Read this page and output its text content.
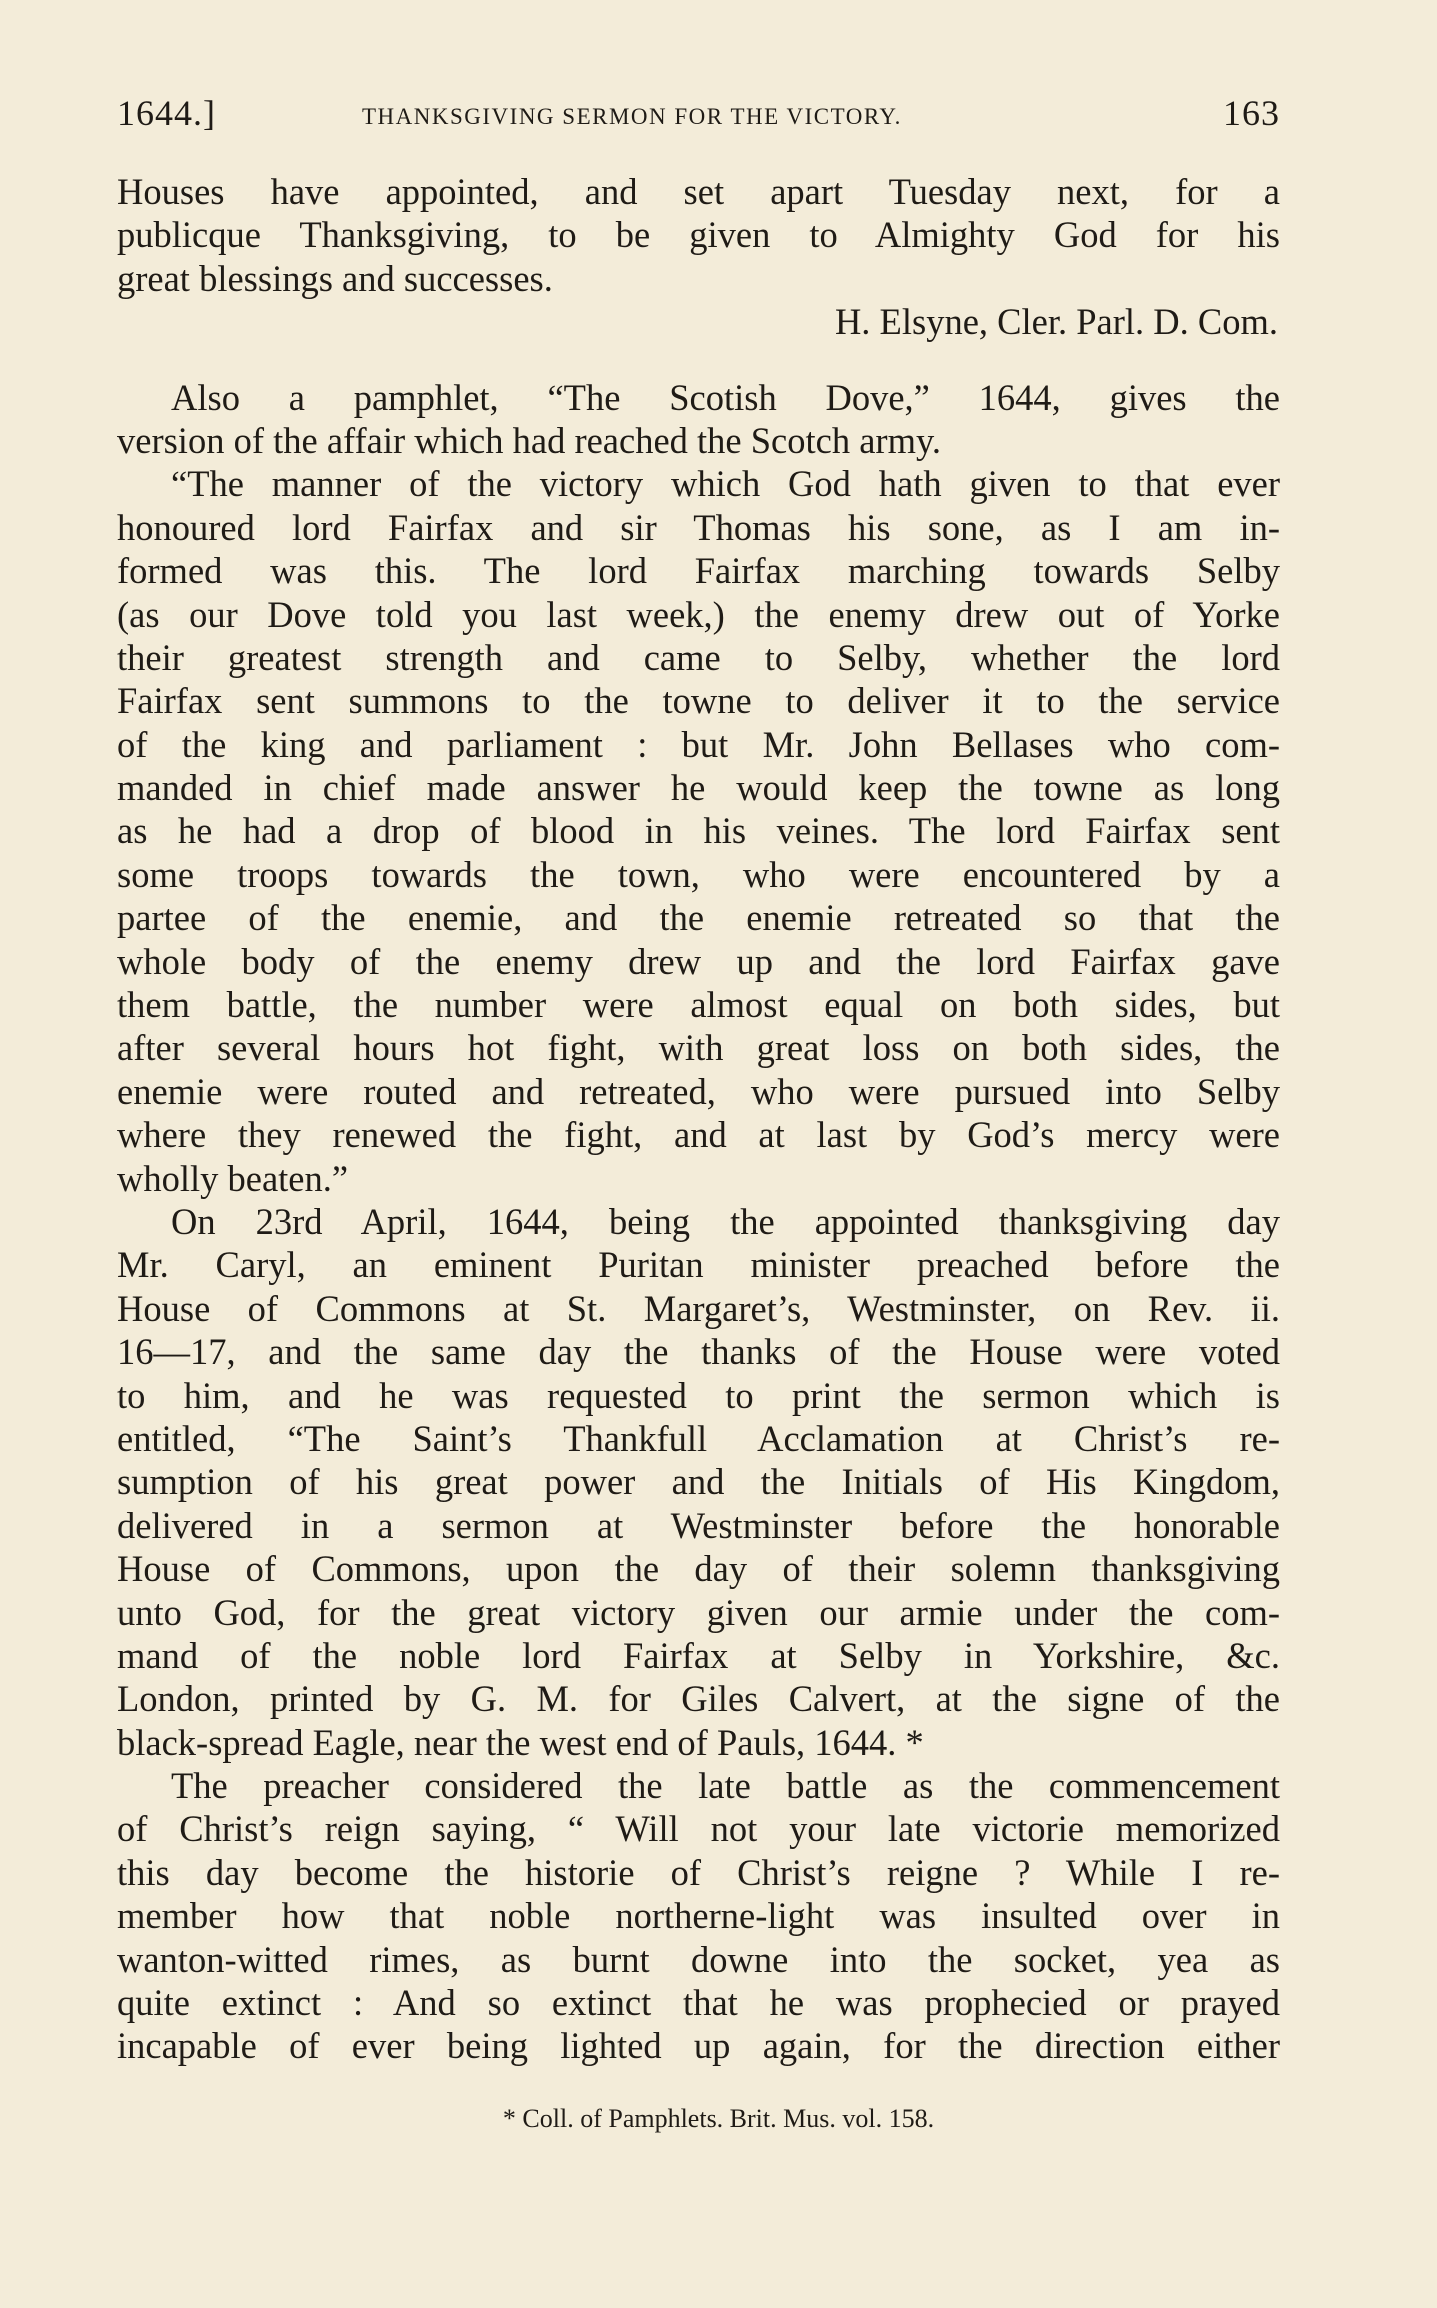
1644.]	THANKSGIVING SERMON FOR THE VICTORY.	163
Houses have appointed, and set apart Tuesday next, for a
publicque Thanksgiving, to be given to Almighty God for his
great blessings and successes.
H. Elsyne, Cler. Parl. D. Com.
Also a pamphlet, “The Scotish Dove,” 1644, gives the
version of the affair which had reached the Scotch army.
“The manner of the victory which God hath given to that ever
honoured lord Fairfax and sir Thomas his sone, as I am in-
formed was this. The lord Fairfax marching towards Selby
(as our Dove told you last week,) the enemy drew out of Yorke
their greatest strength and came to Selby, whether the lord
Fairfax sent summons to the towne to deliver it to the service
of the king and parliament : but Mr. John Bellases who com-
manded in chief made answer he would keep the towne as long
as he had a drop of blood in his veines. The lord Fairfax sent
some troops towards the town, who were encountered by a
partee of the enemie, and the enemie retreated so that the
whole body of the enemy drew up and the lord Fairfax gave
them battle, the number were almost equal on both sides, but
after several hours hot fight, with great loss on both sides, the
enemie were routed and retreated, who were pursued into Selby
where they renewed the fight, and at last by God’s mercy were
wholly beaten.”
On 23rd April, 1644, being the appointed thanksgiving day
Mr. Caryl, an eminent Puritan minister preached before the
House of Commons at St. Margaret’s, Westminster, on Rev. ii.
16—17, and the same day the thanks of the House were voted
to him, and he was requested to print the sermon which is
entitled, “The Saint’s Thankfull Acclamation at Christ’s re-
sumption of his great power and the Initials of His Kingdom,
delivered in a sermon at Westminster before the honorable
House of Commons, upon the day of their solemn thanksgiving
unto God, for the great victory given our armie under the com-
mand of the noble lord Fairfax at Selby in Yorkshire, &c.
London, printed by G. M. for Giles Calvert, at the signe of the
black-spread Eagle, near the west end of Pauls, 1644. *
The preacher considered the late battle as the commencement
of Christ’s reign saying, “ Will not your late victorie memorized
this day become the historie of Christ’s reigne ? While I re-
member how that noble northerne-light was insulted over in
wanton-witted rimes, as burnt downe into the socket, yea as
quite extinct : And so extinct that he was prophecied or prayed
incapable of ever being lighted up again, for the direction either
* Coll. of Pamphlets. Brit. Mus. vol. 158.
